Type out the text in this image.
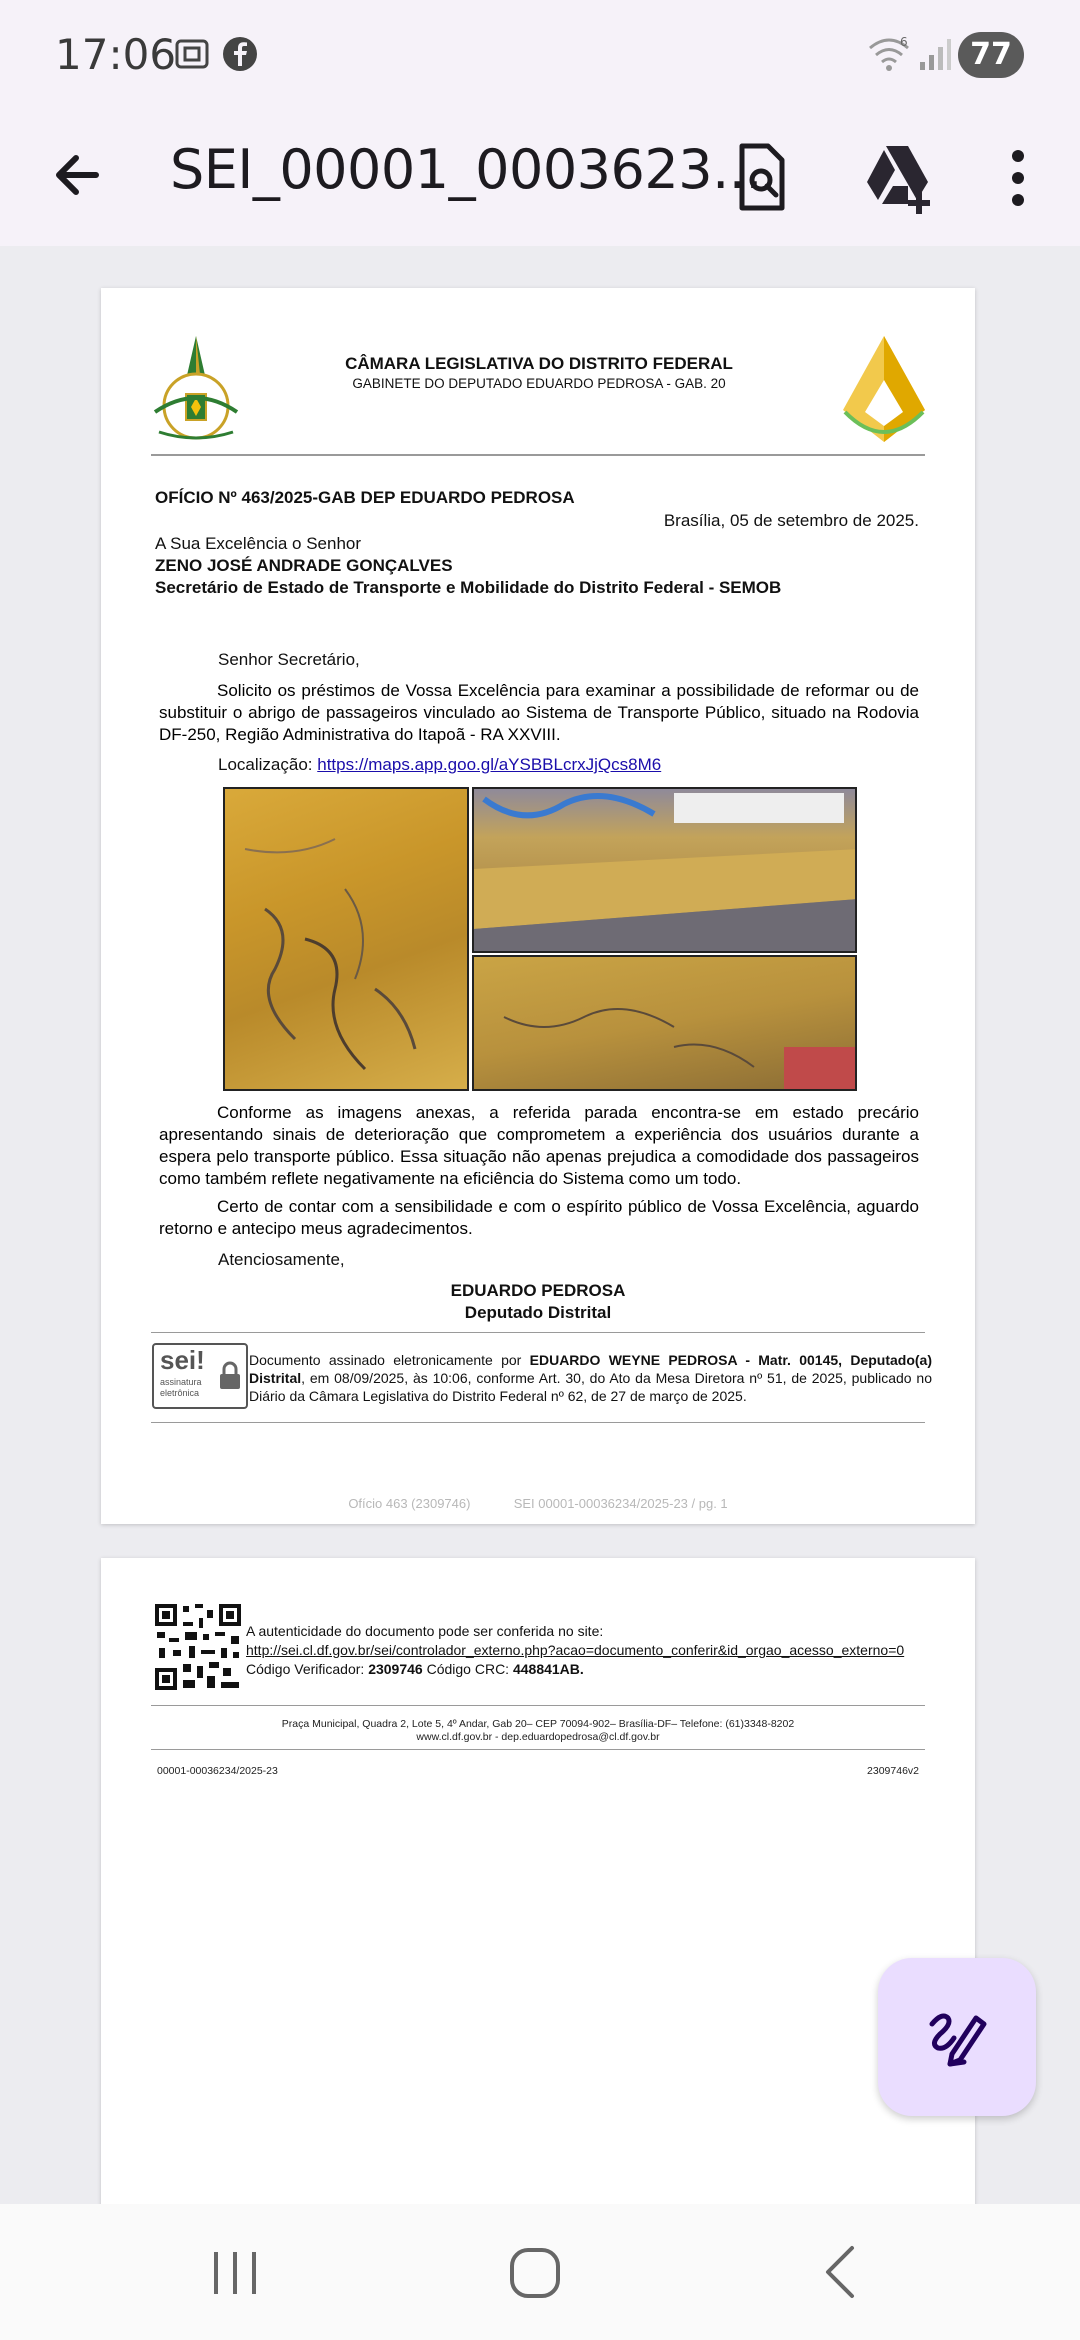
17:06	6	77
SEI_00001_0003623...
CÂMARA LEGISLATIVA DO DISTRITO FEDERAL
GABINETE DO DEPUTADO EDUARDO PEDROSA - GAB. 20
OFÍCIO Nº 463/2025-GAB DEP EDUARDO PEDROSA
Brasília, 05 de setembro de 2025.
A Sua Excelência o Senhor
ZENO JOSÉ ANDRADE GONÇALVES
Secretário de Estado de Transporte e Mobilidade do Distrito Federal - SEMOB
Senhor Secretário,
Solicito os préstimos de Vossa Excelência para examinar a possibilidade de reformar ou de substituir o abrigo de passageiros vinculado ao Sistema de Transporte Público, situado na Rodovia DF-250, Região Administrativa do Itapoã - RA XXVIII.
Localização: https://maps.app.goo.gl/aYSBBLcrxJjQcs8M6
Conforme as imagens anexas, a referida parada encontra-se em estado precário apresentando sinais de deterioração que comprometem a experiência dos usuários durante a espera pelo transporte público. Essa situação não apenas prejudica a comodidade dos passageiros como também reflete negativamente na eficiência do Sistema como um todo.
Certo de contar com a sensibilidade e com o espírito público de Vossa Excelência, aguardo retorno e antecipo meus agradecimentos.
Atenciosamente,
EDUARDO PEDROSA
Deputado Distrital
sei!
assinatura
eletrônica
Documento assinado eletronicamente por EDUARDO WEYNE PEDROSA - Matr. 00145, Deputado(a) Distrital, em 08/09/2025, às 10:06, conforme Art. 30, do Ato da Mesa Diretora nº 51, de 2025, publicado no Diário da Câmara Legislativa do Distrito Federal nº 62, de 27 de março de 2025.
Ofício 463 (2309746)	SEI 00001-00036234/2025-23 / pg. 1
A autenticidade do documento pode ser conferida no site:
http://sei.cl.df.gov.br/sei/controlador_externo.php?acao=documento_conferir&id_orgao_acesso_externo=0
Código Verificador: 2309746 Código CRC: 448841AB.
Praça Municipal, Quadra 2, Lote 5, 4º Andar, Gab 20– CEP 70094-902– Brasília-DF– Telefone: (61)3348-8202
www.cl.df.gov.br - dep.eduardopedrosa@cl.df.gov.br
00001-00036234/2025-23	2309746v2
